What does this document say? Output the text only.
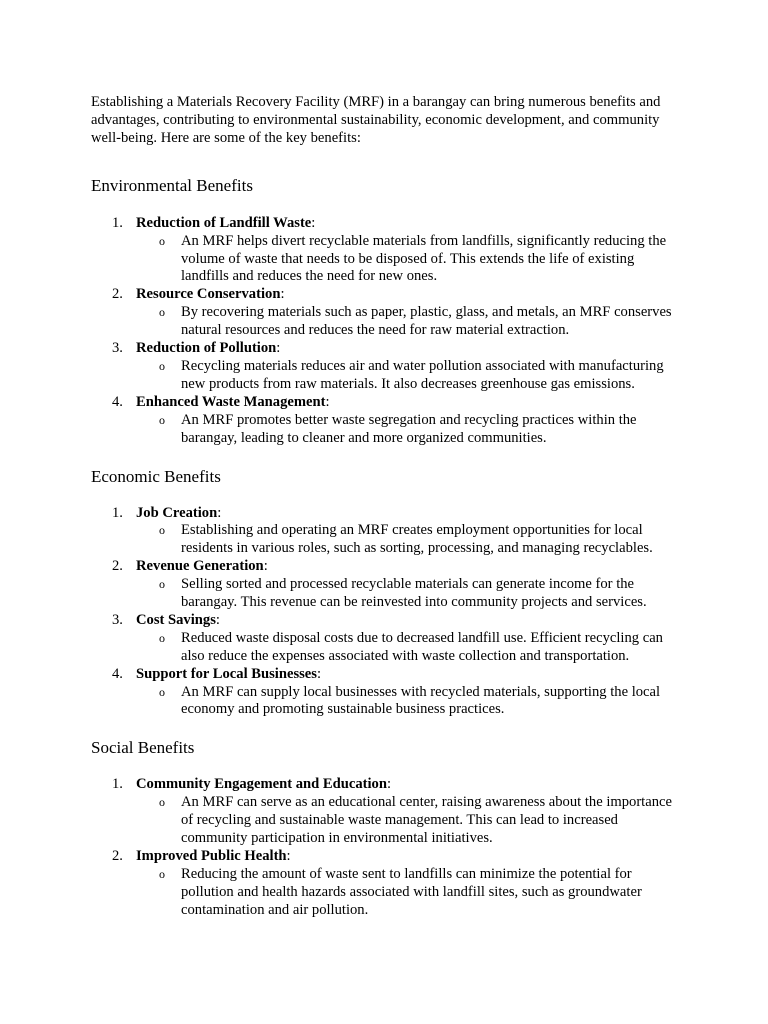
Establishing a Materials Recovery Facility (MRF) in a barangay can bring numerous benefits and advantages, contributing to environmental sustainability, economic development, and community well-being. Here are some of the key benefits:

Environmental Benefits
1. Reduction of Landfill Waste:
o An MRF helps divert recyclable materials from landfills, significantly reducing the volume of waste that needs to be disposed of. This extends the life of existing landfills and reduces the need for new ones.
2. Resource Conservation:
o By recovering materials such as paper, plastic, glass, and metals, an MRF conserves natural resources and reduces the need for raw material extraction.
3. Reduction of Pollution:
o Recycling materials reduces air and water pollution associated with manufacturing new products from raw materials. It also decreases greenhouse gas emissions.
4. Enhanced Waste Management:
o An MRF promotes better waste segregation and recycling practices within the barangay, leading to cleaner and more organized communities.
Economic Benefits
1. Job Creation:
o Establishing and operating an MRF creates employment opportunities for local residents in various roles, such as sorting, processing, and managing recyclables.
2. Revenue Generation:
o Selling sorted and processed recyclable materials can generate income for the barangay. This revenue can be reinvested into community projects and services.
3. Cost Savings:
o Reduced waste disposal costs due to decreased landfill use. Efficient recycling can also reduce the expenses associated with waste collection and transportation.
4. Support for Local Businesses:
o An MRF can supply local businesses with recycled materials, supporting the local economy and promoting sustainable business practices.
Social Benefits
1. Community Engagement and Education:
o An MRF can serve as an educational center, raising awareness about the importance of recycling and sustainable waste management. This can lead to increased community participation in environmental initiatives.
2. Improved Public Health:
o Reducing the amount of waste sent to landfills can minimize the potential for pollution and health hazards associated with landfill sites, such as groundwater contamination and air pollution.
